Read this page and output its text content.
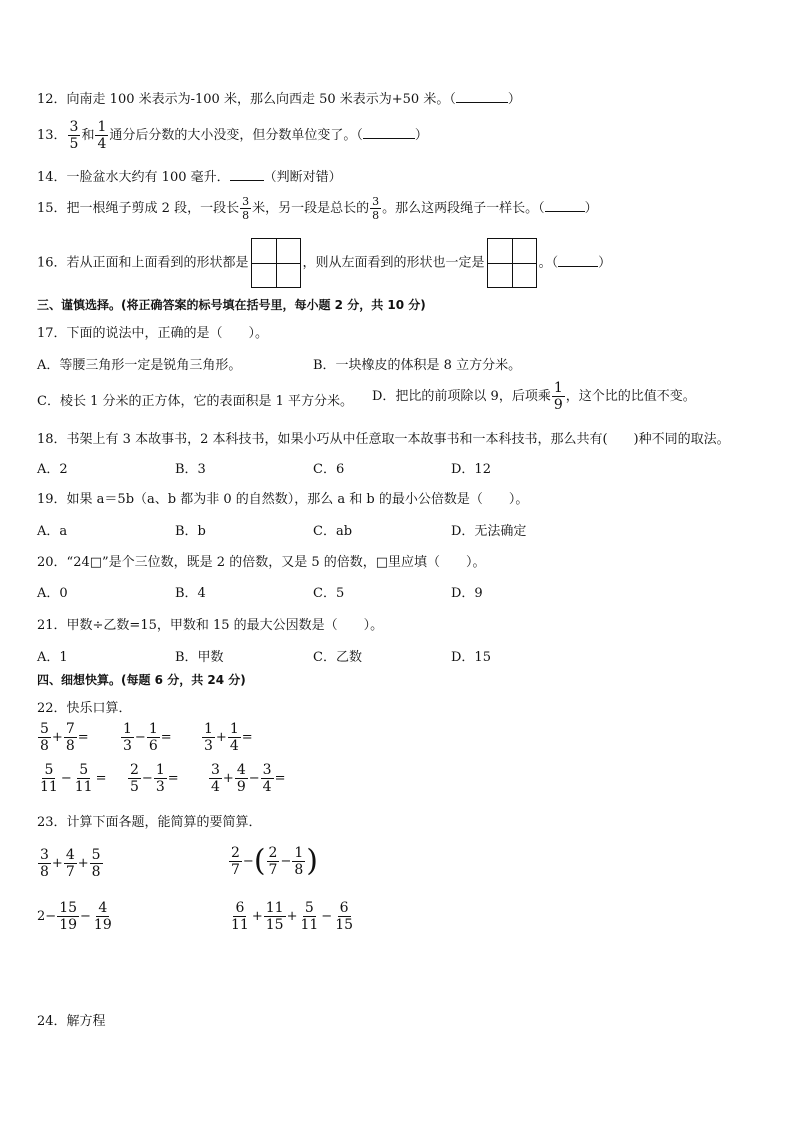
12．向南走 100 米表示为-100 米，那么向西走 50 米表示为+50 米。（	）
13． $\frac{3}{5}$ 和 $\frac{1}{4}$ 通分后分数的大小没变，但分数单位变了。（	）
14．一脸盆水大约有 100 毫升．	（判断对错）
15．把一根绳子剪成 2 段，一段长 $\frac{3}{8}$ 米，另一段是总长的 $\frac{3}{8}$ 。那么这两段绳子一样长。（	）
16．若从正面和上面看到的形状都是	，则从左面看到的形状也一定是	。（	）
三、谨慎选择。(将正确答案的标号填在括号里，每小题 2 分，共 10 分)
17．下面的说法中，正确的是（　　）。
A．等腰三角形一定是锐角三角形。	B．一块橡皮的体积是 8 立方分米。
C．棱长 1 分米的正方体，它的表面积是 1 平方分米。 D．把比的前项除以 9，后项乘 $\frac{1}{9}$ ，这个比的比值不变。
18．书架上有 3 本故事书，2 本科技书，如果小巧从中任意取一本故事书和一本科技书，那么共有(　　)种不同的取法。
A．2	B．3	C．6	D．12
19．如果 a＝5b（a、b 都为非 0 的自然数），那么 a 和 b 的最小公倍数是（　　）。
A．a	B．b	C．ab	D．无法确定
20．“24□”是个三位数，既是 2 的倍数，又是 5 的倍数，□里应填（　　）。
A．0	B．4	C．5	D．9
21．甲数÷乙数=15，甲数和 15 的最大公因数是（　　）。
A．1	B．甲数	C．乙数	D．15
四、细想快算。(每题 6 分，共 24 分)
22．快乐口算．
$\frac{5}{8} + \frac{7}{8} = \frac{1}{3} - \frac{1}{6} = \frac{1}{3} + \frac{1}{4}$ =
$\frac{5}{11} - \frac{5}{11} = \frac{2}{5} - \frac{1}{3} = \frac{3}{4} + \frac{4}{9} - \frac{3}{4}$ =
23．计算下面各题，能简算的要简算．
$\frac{3}{8} + \frac{4}{7} + \frac{5}{8}$	$\frac{2}{7}$ −( $\frac{2}{7} - \frac{1}{8}$ )
$2- \frac{15}{19} - \frac{4}{19}$	$\frac{6}{11} + \frac{11}{15} + \frac{5}{11} - \frac{6}{15}$
24．解方程
